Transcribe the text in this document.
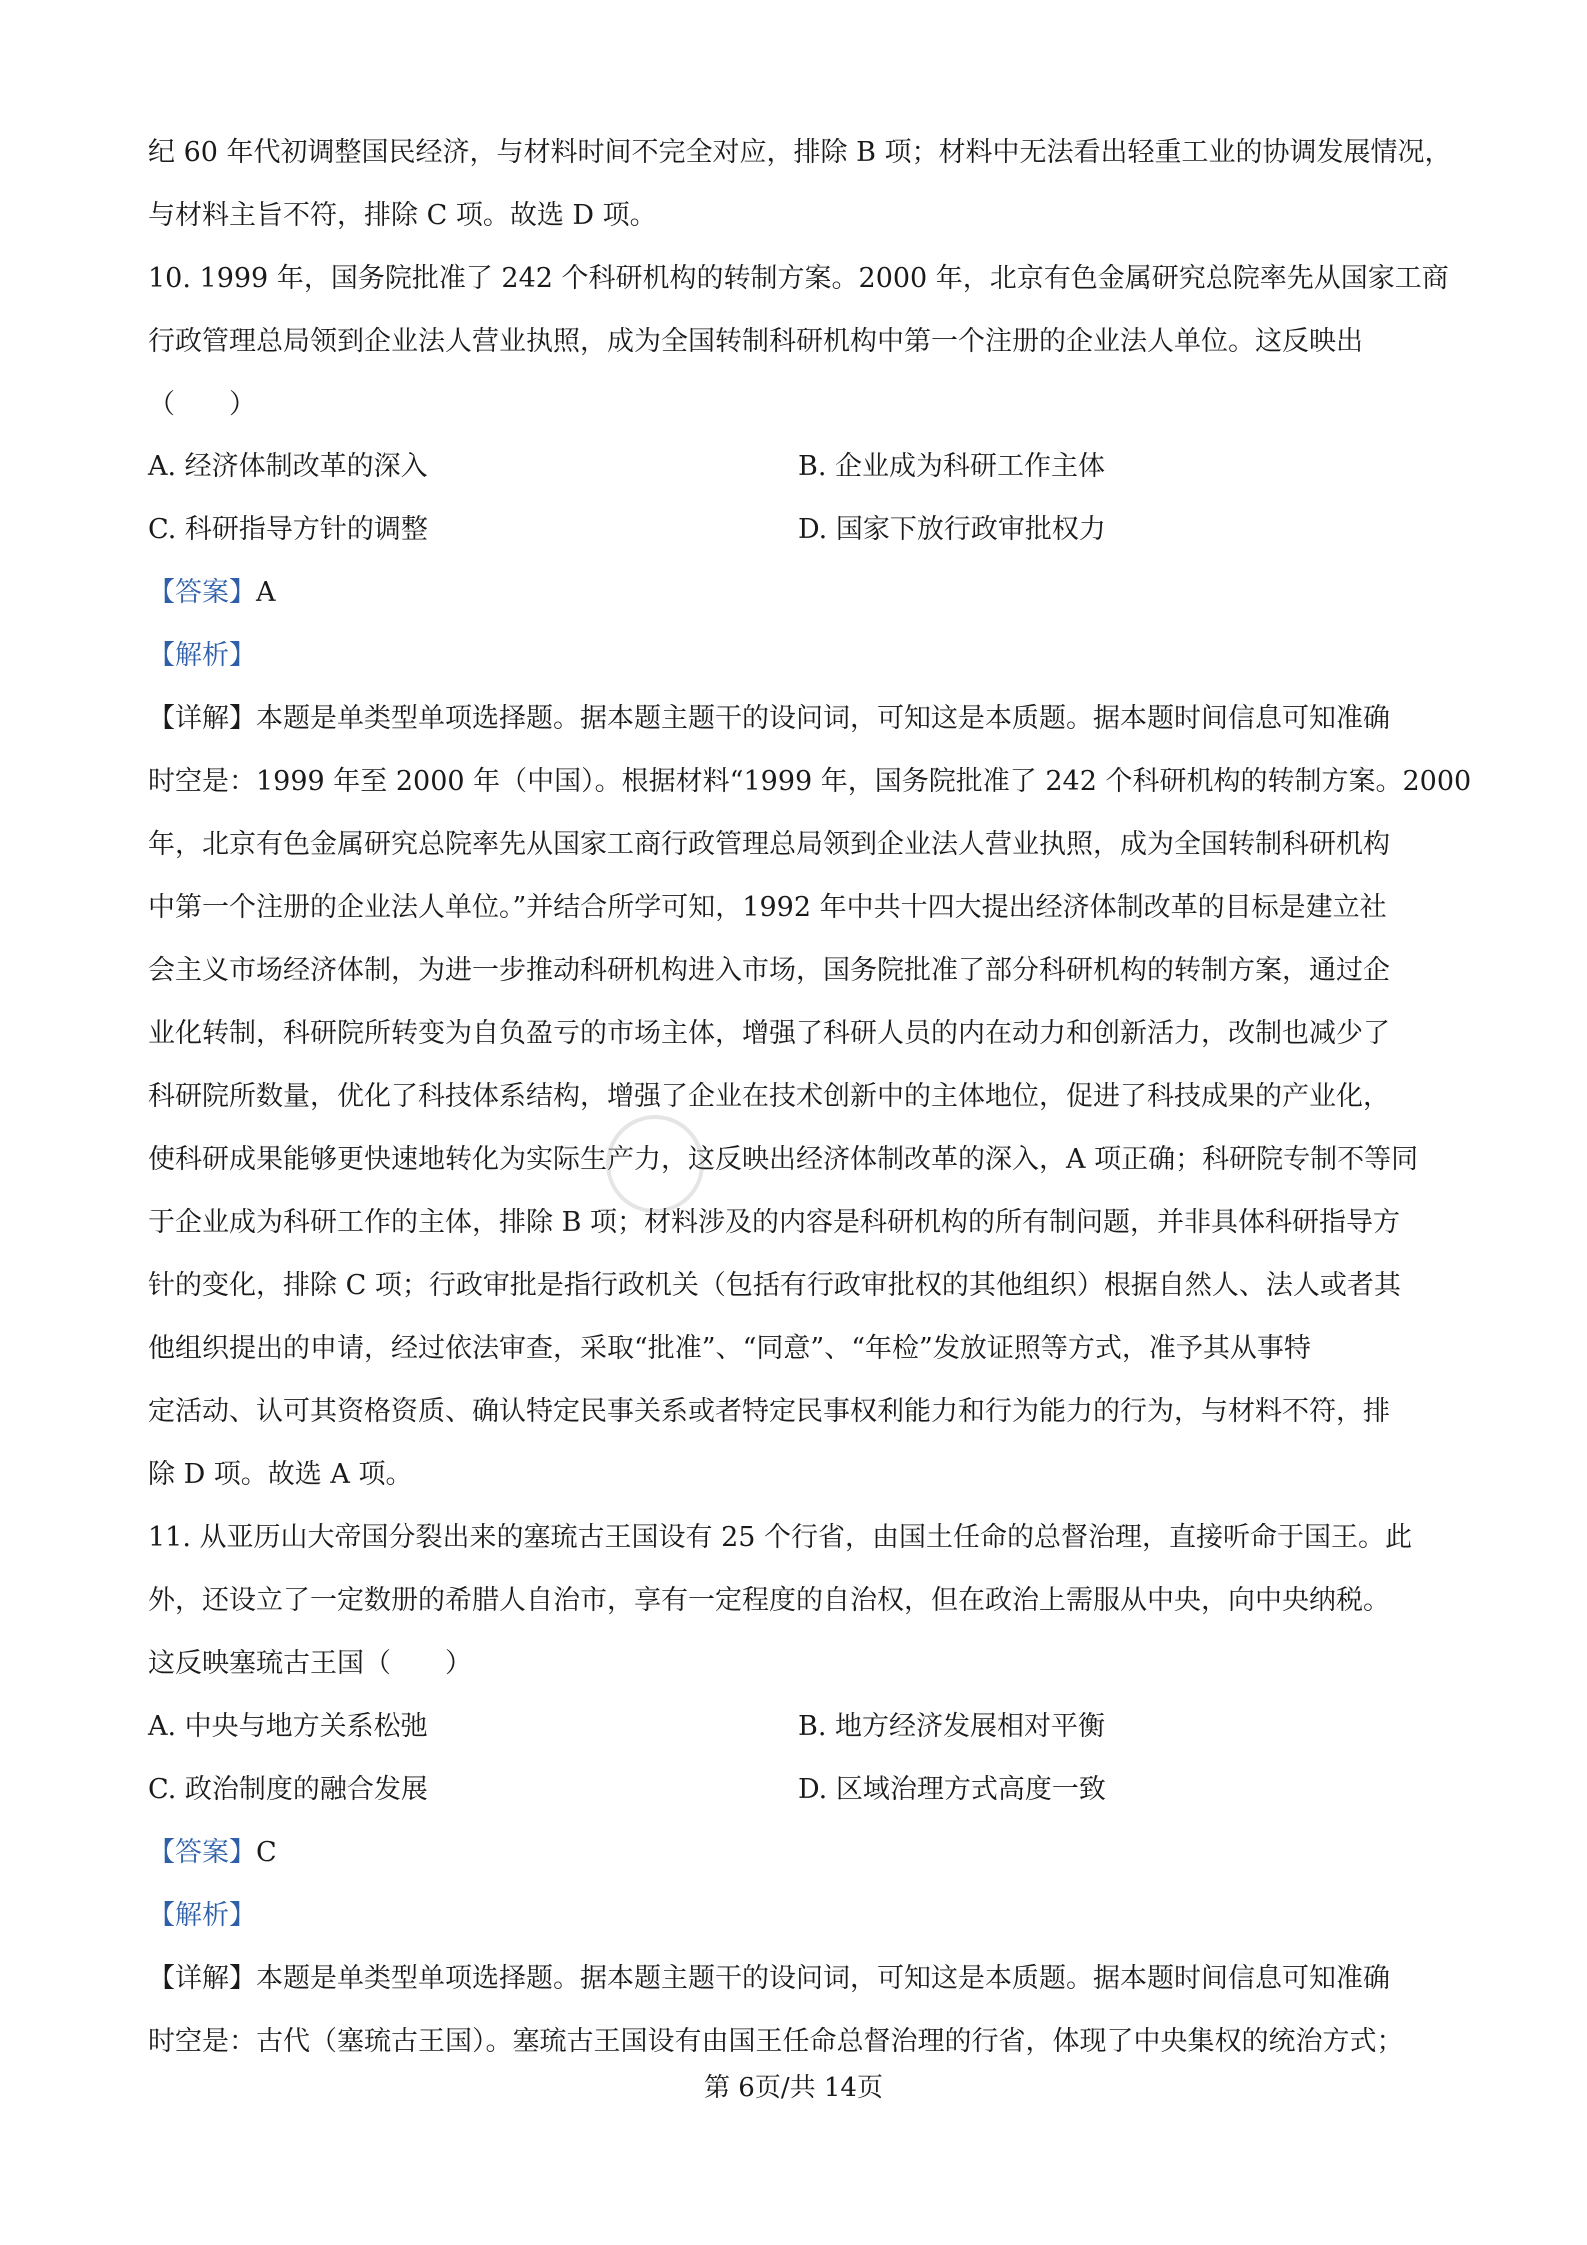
纪 60 年代初调整国民经济，与材料时间不完全对应，排除 B 项；材料中无法看出轻重工业的协调发展情况，
与材料主旨不符，排除 C 项。故选 D 项。
10. 1999 年，国务院批准了 242 个科研机构的转制方案。2000 年，北京有色金属研究总院率先从国家工商
行政管理总局领到企业法人营业执照，成为全国转制科研机构中第一个注册的企业法人单位。这反映出
（　　）
A. 经济体制改革的深入	B. 企业成为科研工作主体
C. 科研指导方针的调整	D. 国家下放行政审批权力
【答案】A
【解析】
【详解】本题是单类型单项选择题。据本题主题干的设问词，可知这是本质题。据本题时间信息可知准确
时空是：1999 年至 2000 年（中国）。根据材料“1999 年，国务院批准了 242 个科研机构的转制方案。2000
年，北京有色金属研究总院率先从国家工商行政管理总局领到企业法人营业执照，成为全国转制科研机构
中第一个注册的企业法人单位。”并结合所学可知，1992 年中共十四大提出经济体制改革的目标是建立社
会主义市场经济体制，为进一步推动科研机构进入市场，国务院批准了部分科研机构的转制方案，通过企
业化转制，科研院所转变为自负盈亏的市场主体，增强了科研人员的内在动力和创新活力，改制也减少了
科研院所数量，优化了科技体系结构，增强了企业在技术创新中的主体地位，促进了科技成果的产业化，
使科研成果能够更快速地转化为实际生产力，这反映出经济体制改革的深入，A 项正确；科研院专制不等同
于企业成为科研工作的主体，排除 B 项；材料涉及的内容是科研机构的所有制问题，并非具体科研指导方
针的变化，排除 C 项；行政审批是指行政机关（包括有行政审批权的其他组织）根据自然人、法人或者其
他组织提出的申请，经过依法审查，采取“批准”、“同意”、“年检”发放证照等方式，准予其从事特
定活动、认可其资格资质、确认特定民事关系或者特定民事权利能力和行为能力的行为，与材料不符，排
除 D 项。故选 A 项。
11. 从亚历山大帝国分裂出来的塞琉古王国设有 25 个行省，由国土任命的总督治理，直接听命于国王。此
外，还设立了一定数册的希腊人自治市，享有一定程度的自治权，但在政治上需服从中央，向中央纳税。
这反映塞琉古王国（　　）
A. 中央与地方关系松弛	B. 地方经济发展相对平衡
C. 政治制度的融合发展	D. 区域治理方式高度一致
【答案】C
【解析】
【详解】本题是单类型单项选择题。据本题主题干的设问词，可知这是本质题。据本题时间信息可知准确
时空是：古代（塞琉古王国）。塞琉古王国设有由国王任命总督治理的行省，体现了中央集权的统治方式；
第 6页/共 14页
